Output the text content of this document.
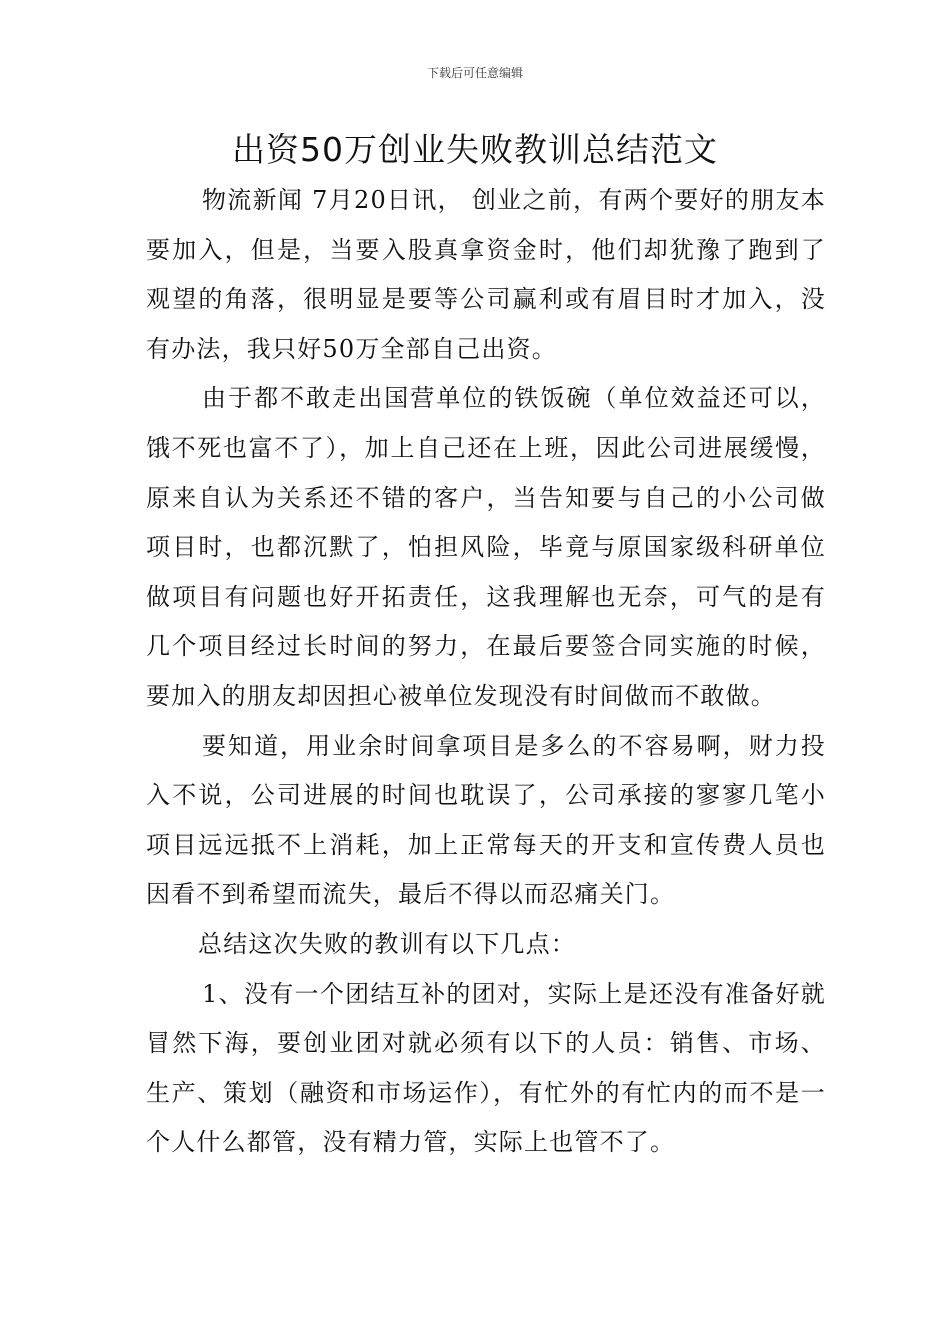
下载后可任意编辑
出资50万创业失败教训总结范文

物流新闻 7月20日讯， 创业之前，有两个要好的朋友本要加入，但是，当要入股真拿资金时，他们却犹豫了跑到了观望的角落，很明显是要等公司赢利或有眉目时才加入，没有办法，我只好50万全部自己出资。

由于都不敢走出国营单位的铁饭碗（单位效益还可以，饿不死也富不了），加上自己还在上班，因此公司进展缓慢，原来自认为关系还不错的客户，当告知要与自己的小公司做项目时，也都沉默了，怕担风险，毕竟与原国家级科研单位做项目有问题也好开拓责任，这我理解也无奈，可气的是有几个项目经过长时间的努力，在最后要签合同实施的时候，要加入的朋友却因担心被单位发现没有时间做而不敢做。

要知道，用业余时间拿项目是多么的不容易啊，财力投入不说，公司进展的时间也耽误了，公司承接的寥寥几笔小项目远远抵不上消耗，加上正常每天的开支和宣传费人员也因看不到希望而流失，最后不得以而忍痛关门。

总结这次失败的教训有以下几点：

1、没有一个团结互补的团对，实际上是还没有准备好就冒然下海，要创业团对就必须有以下的人员：销售、市场、生产、策划（融资和市场运作），有忙外的有忙内的而不是一个人什么都管，没有精力管，实际上也管不了。
